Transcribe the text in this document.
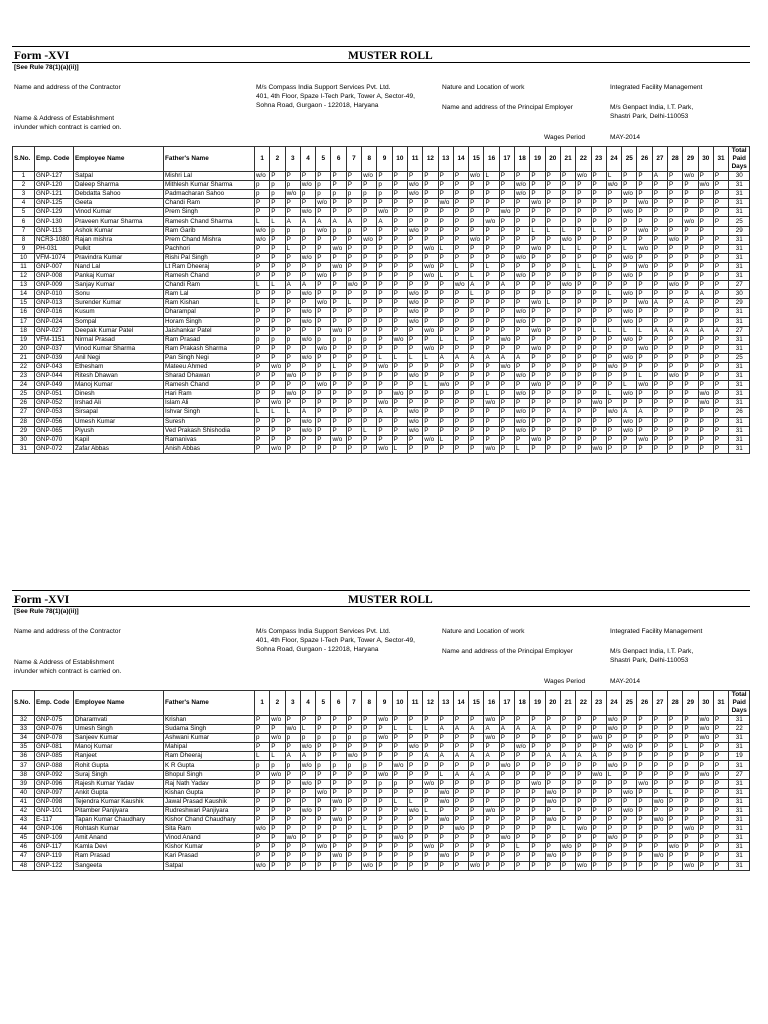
Form -XVI	MUSTER ROLL
[See Rule 78(1)(a)(ii)]
Name and address of the Contractor	M/s Compass India Support Services Pvt. Ltd.
401, 4th Floor, Spaze I-Tech Park, Tower A, Sector-49,
Sohna Road, Gurgaon - 122018, Haryana
Nature and Location of work	Integrated Facility Management
Name and address of the Principal Employer	M/s Genpact India, I.T. Park,
Shastri Park, Delhi-110053
Name & Address of Establishment
in/under which contract is carried on.
Wages Period	MAY-2014
S.No.	Emp. Code	Employee Name	Father's Name	1	2	3	4	5	6	7	8	9	10	11	12	13	14	15	16	17	18	19	20	21	22	23	24	25	26	27	28	29	30	31	Total Paid Days
1	GNP-127	Satpal	Mishri Lal	w/o	P	P	P	P	P	P	w/o	P	P	P	P	P	P	w/o	L	P	P	P	P	P	w/o	P	L	P	P	A	P	w/o	P	P	30
2	GNP-120	Daleep Sharma	Mithlesh Kumar Sharma	p	p	p	w/o	p	P	P	P	p	P	w/o	P	P	P	P	P	P	w/o	P	P	P	P	P	w/o	P	P	P	P	P	w/o	P	31
3	GNP-121	Debdatta Sahoo	Padmacharan Sahoo	p	p	w/o	p	p	p	p	p	p	P	w/o	P	P	P	P	P	P	w/o	P	P	P	P	P	P	w/o	P	P	P	P	P	P	31
4	GNP-125	Geeta	Chandi Ram	P	P	P	P	w/o	P	P	P	P	P	P	P	w/o	P	P	P	P	P	w/o	P	P	P	P	P	P	w/o	P	P	P	P	P	31
5	GNP-129	Vinod Kumar	Prem Singh	P	P	P	w/o	P	P	P	P	w/o	P	P	P	P	P	P	P	w/o	P	P	P	P	P	P	P	w/o	P	P	P	P	P	P	31
6	GNP-130	Praveen Kumar Sharma	Ramesh Chand Sharma	L	L	A	A	A	A	A	P	A	P	P	P	P	P	P	w/o	P	P	P	P	P	P	P	P	P	P	P	P	w/o	P	P	25
7	GNP-113	Ashok Kumar	Ram Garib	w/o	p	p	p	w/o	p	p	P	P	P	w/o	P	P	P	P	P	P	P	L	L	L	P	L	P	P	w/o	P	P	P	P		29
8	NCR3-1080	Rajan mishra	Prem Chand Mishra	w/o	P	P	P	P	P	P	w/o	P	P	P	P	P	P	w/o	P	P	P	P	P	w/o	P	P	P	P	P	P	w/o	P	P	P	31
9	PH-031	Pulkit	Pachhori	P	P	L	P	P	w/o	P	P	P	P	P	w/o	L	P	P	P	P	P	w/o	P	L	L	P	P	L	w/o	P	P	P	P	P	31
10	VFM-1074	Pravindra Kumar	Rishi Pal Singh	P	P	P	w/o	P	P	P	P	P	P	P	P	P	P	P	P	P	w/o	P	P	P	P	P	P	w/o	P	P	P	P	P	P	31
11	GNP-007	Nand Lal	Lt Ram Dheeraj	P	P	P	P	P	w/o	P	P	P	P	P	w/o	P	L	P	L	P	P	P	P	P	L	L	P	P	w/o	P	P	P	P	P	31
12	GNP-008	Pankaj Kumar	Ramesh Chand	P	P	P	P	w/o	P	P	P	P	P	P	w/o	L	P	L	P	P	w/o	P	P	P	P	P	P	w/o	P	P	P	P	P	P	31
13	GNP-009	Sanjay Kumar	Chandi Ram	L	L	A	A	P	P	w/o	P	P	P	P	P	P	w/o	A	P	A	P	P	P	w/o	P	P	P	P	P	P	w/o	P	P	P	27
14	GNP-010	Sonu	Ram Lal	P	P	P	w/o	P	P	P	P	P	P	w/o	P	P	P	L	P	P	P	P	P	P	P	P	L	w/o	P	P	P	P	A	P	30
15	GNP-013	Surender Kumar	Ram Kishan	L	P	P	P	w/o	P	L	P	P	P	w/o	P	P	P	P	P	P	P	w/o	L	P	P	P	P	P	w/o	A	P	A	P	P	29
16	GNP-016	Kusum	Dharampal	P	P	P	w/o	P	P	P	P	P	P	w/o	P	P	P	P	P	P	w/o	P	P	P	P	P	P	w/o	P	P	P	P	P	P	31
17	GNP-024	Sompal	Horam Singh	P	P	P	w/o	P	P	P	P	P	P	w/o	P	P	P	P	P	P	w/o	P	P	P	P	P	P	w/o	P	P	P	P	P	P	31
18	GNP-027	Deepak Kumar Patel	Jaishankar Patel	P	P	P	P	P	w/o	P	P	P	P	P	w/o	P	P	P	P	P	P	w/o	P	P	P	L	L	L	L	A	A	A	A	A	27
19	VFM-1151	Nirmal Prasad	Ram Prasad	p	p	p	w/o	p	p	p	p	P	w/o	P	P	L	L	P	P	w/o	P	P	P	P	P	P	P	w/o	P	P	P	P	P	P	31
20	GNP-037	Vinod Kumar Sharma	Ram Prakash Sharma	P	P	P	P	w/o	P	P	P	P	P	P	w/o	P	P	P	P	P	P	w/o	P	P	P	P	P	P	w/o	P	P	P	P	P	31
21	GNP-039	Anil Negi	Pan Singh Negi	P	P	P	w/o	P	P	P	P	L	L	L	L	A	A	A	A	A	A	P	P	P	P	P	P	w/o	P	P	P	P	P	P	25
22	GNP-043	Ethesham	Mateeu Ahmed	P	w/o	P	P	P	L	P	P	w/o	P	P	P	P	P	P	P	w/o	P	P	P	P	P	P	w/o	P	P	P	P	P	P	P	31
23	GNP-044	Ritesh Dhawan	Sharad Dhawan	P	P	w/o	P	P	P	P	P	P	P	w/o	P	P	P	P	P	P	w/o	P	P	P	P	P	P	P	L	P	w/o	P	P	P	31
24	GNP-049	Manoj Kumar	Ramesh Chand	P	P	P	P	w/o	P	P	P	P	P	P	L	w/o	P	P	P	P	P	w/o	P	P	P	P	P	L	w/o	P	P	P	P	P	31
25	GNP-051	Dinesh	Hari Ram	P	P	w/o	P	P	P	P	P	P	w/o	P	P	P	P	P	L	P	w/o	P	P	P	P	P	L	w/o	P	P	P	P	w/o	P	31
26	GNP-052	Irshad Ali	Islam Ali	P	w/o	P	P	P	P	P	P	w/o	P	P	P	P	P	P	w/o	P	P	P	P	P	P	w/o	P	P	P	P	P	P	w/o	P	31
27	GNP-053	Sirsapal	Ishvar Singh	L	L	L	A	P	P	P	P	A	P	w/o	P	P	P	P	P	P	w/o	P	P	A	P	P	w/o	A	A	P	P	P	P	P	26
28	GNP-056	Umesh Kumar	Suresh	P	P	P	w/o	P	P	P	P	P	P	w/o	P	P	P	P	P	P	w/o	P	P	P	P	P	P	w/o	P	P	P	P	P	P	31
29	GNP-065	Piyush	Ved Prakash Shishodia	P	P	P	w/o	P	P	P	L	P	P	w/o	P	P	P	P	P	P	w/o	P	P	P	P	P	P	w/o	P	P	P	P	P	P	31
30	GNP-070	Kapil	Ramanivas	P	P	P	P	P	w/o	P	P	P	P	P	w/o	L	P	P	P	P	P	w/o	P	P	P	P	P	P	w/o	P	P	P	P	P	31
31	GNP-072	Zafar Abbas	Anish Abbas	P	w/o	P	P	P	P	P	P	w/o	L	P	P	P	P	P	w/o	P	L	P	P	P	P	w/o	P	P	P	P	P	P	P	P	31
Form -XVI	MUSTER ROLL
[See Rule 78(1)(a)(ii)]
Name and address of the Contractor	M/s Compass India Support Services Pvt. Ltd.
401, 4th Floor, Spaze I-Tech Park, Tower A, Sector-49,
Sohna Road, Gurgaon - 122018, Haryana
Nature and Location of work	Integrated Facility Management
Name and address of the Principal Employer	M/s Genpact India, I.T. Park,
Shastri Park, Delhi-110053
Name & Address of Establishment
in/under which contract is carried on.
Wages Period	MAY-2014
S.No.	Emp. Code	Employee Name	Father's Name	1	2	3	4	5	6	7	8	9	10	11	12	13	14	15	16	17	18	19	20	21	22	23	24	25	26	27	28	29	30	31	Total Paid Days
32	GNP-075	Dharamvati	Krishan	P	w/o	P	P	P	P	P	P	w/o	P	P	P	P	P	P	w/o	P	P	P	P	P	P	P	w/o	P	P	P	P	P	w/o	P	31
33	GNP-076	Umesh Singh	Sudama Singh	P	P	w/o	L	P	P	P	P	P	L	L	L	A	A	A	A	A	A	A	A	P	P	P	w/o	P	P	P	P	P	w/o	P	22
34	GNP-078	Sanjeev Kumar	Ashwani Kumar	p	w/o	p	p	p	p	p	p	w/o	P	P	P	P	P	P	w/o	P	P	P	P	P	P	w/o	P	P	P	P	P	P	w/o	P	31
35	GNP-081	Manoj Kumar	Mahipal	P	P	P	w/o	P	P	P	P	P	P	w/o	P	P	P	P	P	P	w/o	P	P	P	P	P	P	w/o	P	P	P	L	P	P	31
36	GNP-085	Ranjeet	Ram Dheeraj	L	L	A	A	P	P	w/o	P	P	P	P	A	A	A	A	A	P	P	P	A	A	A	A	P	P	P	P	P	P	P	P	19
37	GNP-088	Rohit Gupta	K R Gupta	p	p	p	w/o	p	p	p	p	P	w/o	P	P	P	P	P	P	w/o	P	P	P	P	P	P	w/o	P	P	P	P	P	P	P	31
38	GNP-092	Suraj Singh	Bhopul Singh	P	w/o	P	P	P	P	P	P	w/o	P	P	P	L	A	A	A	P	P	P	P	P	P	w/o	L	P	P	P	P	P	w/o	P	27
39	GNP-096	Rajesh Kumar Yadav	Raj Nath Yadav	P	P	P	w/o	P	P	P	P	p	p	P	w/o	P	P	P	P	P	P	w/o	P	P	P	P	P	P	w/o	P	P	P	P	P	31
40	GNP-097	Ankit Gupta	Kishan Gupta	P	P	P	P	w/o	P	P	P	P	P	P	P	w/o	P	P	P	P	P	P	w/o	P	P	P	P	w/o	P	P	L	P	P	P	31
41	GNP-098	Tejendra Kumar Kaushik	Jawal Prasad Kaushik	P	P	P	P	P	w/o	P	P	P	L	L	P	w/o	P	P	P	P	P	P	w/o	P	P	P	P	P	P	w/o	P	P	P	P	31
42	GNP-101	Pitamber Panjiyara	Rudreshwari Panjiyara	P	P	P	w/o	P	P	P	P	P	P	w/o	L	P	P	P	w/o	P	P	P	P	L	P	P	P	w/o	P	P	P	P	P	P	31
43	E-117	Tapan Kumar Chaudhary	Kishor Chand Chaudhary	P	P	P	P	P	w/o	P	P	P	P	P	P	w/o	P	P	P	P	P	P	w/o	P	P	P	P	P	P	w/o	P	P	P	P	31
44	GNP-106	Rohtash Kumar	Sita Ram	w/o	P	P	P	P	P	P	L	P	P	P	P	P	w/o	P	P	P	P	P	P	L	w/o	P	P	P	P	P	P	w/o	P	P	31
45	GNP-109	Amit Anand	Vinod Anand	P	P	w/o	P	P	P	P	P	P	w/o	P	P	P	P	P	P	w/o	P	P	P	P	P	P	w/o	P	P	P	P	P	P	P	31
46	GNP-117	Kamla Devi	Kishor Kumar	P	P	P	P	w/o	P	P	P	P	P	P	w/o	P	P	P	P	P	L	P	P	w/o	P	P	P	P	P	P	w/o	P	P	P	31
47	GNP-119	Ram Prasad	Kari Prasad	P	P	P	P	P	w/o	P	P	P	P	P	P	w/o	P	P	P	P	P	P	w/o	P	P	P	P	P	P	w/o	P	P	P	P	31
48	GNP-122	Sangeeta	Satpal	w/o	P	P	P	P	P	P	w/o	P	P	P	P	P	P	w/o	P	P	P	P	P	P	w/o	P	P	P	P	P	P	w/o	P	P	31
